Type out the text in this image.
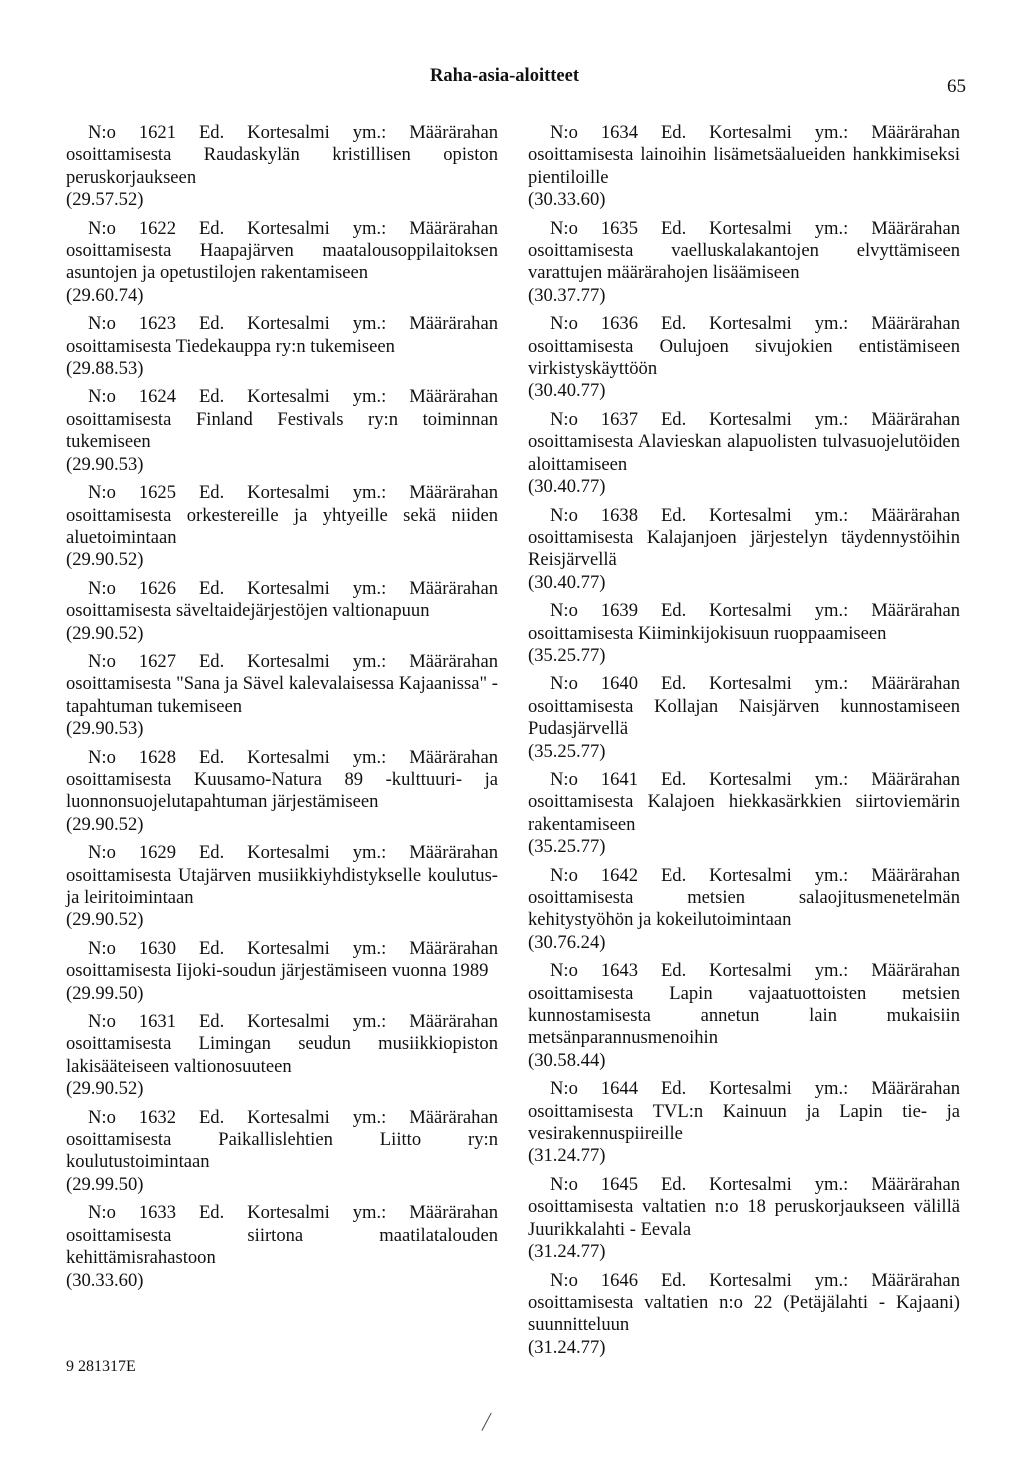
Raha-asia-aloitteet	65

N:o 1621 Ed. Kortesalmi ym.: Määrärahan osoittamisesta Raudaskylän kristillisen opiston peruskorjaukseen

(29.57.52)

N:o 1622 Ed. Kortesalmi ym.: Määrärahan osoittamisesta Haapajärven maatalousoppilaitoksen asuntojen ja opetustilojen rakentamiseen

(29.60.74)

N:o 1623 Ed. Kortesalmi ym.: Määrärahan osoittamisesta Tiedekauppa ry:n tukemiseen

(29.88.53)

N:o 1624 Ed. Kortesalmi ym.: Määrärahan osoittamisesta Finland Festivals ry:n toiminnan tukemiseen

(29.90.53)

N:o 1625 Ed. Kortesalmi ym.: Määrärahan osoittamisesta orkestereille ja yhtyeille sekä niiden aluetoimintaan

(29.90.52)

N:o 1626 Ed. Kortesalmi ym.: Määrärahan osoittamisesta säveltaidejärjestöjen valtionapuun

(29.90.52)

N:o 1627 Ed. Kortesalmi ym.: Määrärahan osoittamisesta "Sana ja Sävel kalevalaisessa Kajaanissa" -tapahtuman tukemiseen

(29.90.53)

N:o 1628 Ed. Kortesalmi ym.: Määrärahan osoittamisesta Kuusamo-Natura 89 -kulttuuri- ja luonnonsuojelutapahtuman järjestämiseen

(29.90.52)

N:o 1629 Ed. Kortesalmi ym.: Määrärahan osoittamisesta Utajärven musiikkiyhdistykselle koulutus- ja leiritoimintaan

(29.90.52)

N:o 1630 Ed. Kortesalmi ym.: Määrärahan osoittamisesta Iijoki-soudun järjestämiseen vuonna 1989

(29.99.50)

N:o 1631 Ed. Kortesalmi ym.: Määrärahan osoittamisesta Limingan seudun musiikkiopiston lakisääteiseen valtionosuuteen

(29.90.52)

N:o 1632 Ed. Kortesalmi ym.: Määrärahan osoittamisesta Paikallislehtien Liitto ry:n koulutustoimintaan

(29.99.50)

N:o 1633 Ed. Kortesalmi ym.: Määrärahan osoittamisesta siirtona maatilatalouden kehittämisrahastoon

(30.33.60)

N:o 1634 Ed. Kortesalmi ym.: Määrärahan osoittamisesta lainoihin lisämetsäalueiden hankkimiseksi pientiloille

(30.33.60)

N:o 1635 Ed. Kortesalmi ym.: Määrärahan osoittamisesta vaelluskalakantojen elvyttämiseen varattujen määrärahojen lisäämiseen

(30.37.77)

N:o 1636 Ed. Kortesalmi ym.: Määrärahan osoittamisesta Oulujoen sivujokien entistämiseen virkistyskäyttöön

(30.40.77)

N:o 1637 Ed. Kortesalmi ym.: Määrärahan osoittamisesta Alavieskan alapuolisten tulvasuojelutöiden aloittamiseen

(30.40.77)

N:o 1638 Ed. Kortesalmi ym.: Määrärahan osoittamisesta Kalajanjoen järjestelyn täydennystöihin Reisjärvellä

(30.40.77)

N:o 1639 Ed. Kortesalmi ym.: Määrärahan osoittamisesta Kiiminkijokisuun ruoppaamiseen

(35.25.77)

N:o 1640 Ed. Kortesalmi ym.: Määrärahan osoittamisesta Kollajan Naisjärven kunnostamiseen Pudasjärvellä

(35.25.77)

N:o 1641 Ed. Kortesalmi ym.: Määrärahan osoittamisesta Kalajoen hiekkasärkkien siirtoviemärin rakentamiseen

(35.25.77)

N:o 1642 Ed. Kortesalmi ym.: Määrärahan osoittamisesta metsien salaojitusmenetelmän kehitystyöhön ja kokeilutoimintaan

(30.76.24)

N:o 1643 Ed. Kortesalmi ym.: Määrärahan osoittamisesta Lapin vajaatuottoisten metsien kunnostamisesta annetun lain mukaisiin metsänparannusmenoihin

(30.58.44)

N:o 1644 Ed. Kortesalmi ym.: Määrärahan osoittamisesta TVL:n Kainuun ja Lapin tie- ja vesirakennuspiireille

(31.24.77)

N:o 1645 Ed. Kortesalmi ym.: Määrärahan osoittamisesta valtatien n:o 18 peruskorjaukseen välillä Juurikkalahti - Eevala

(31.24.77)

N:o 1646 Ed. Kortesalmi ym.: Määrärahan osoittamisesta valtatien n:o 22 (Petäjälahti - Kajaani) suunnitteluun

(31.24.77)

9 281317E
